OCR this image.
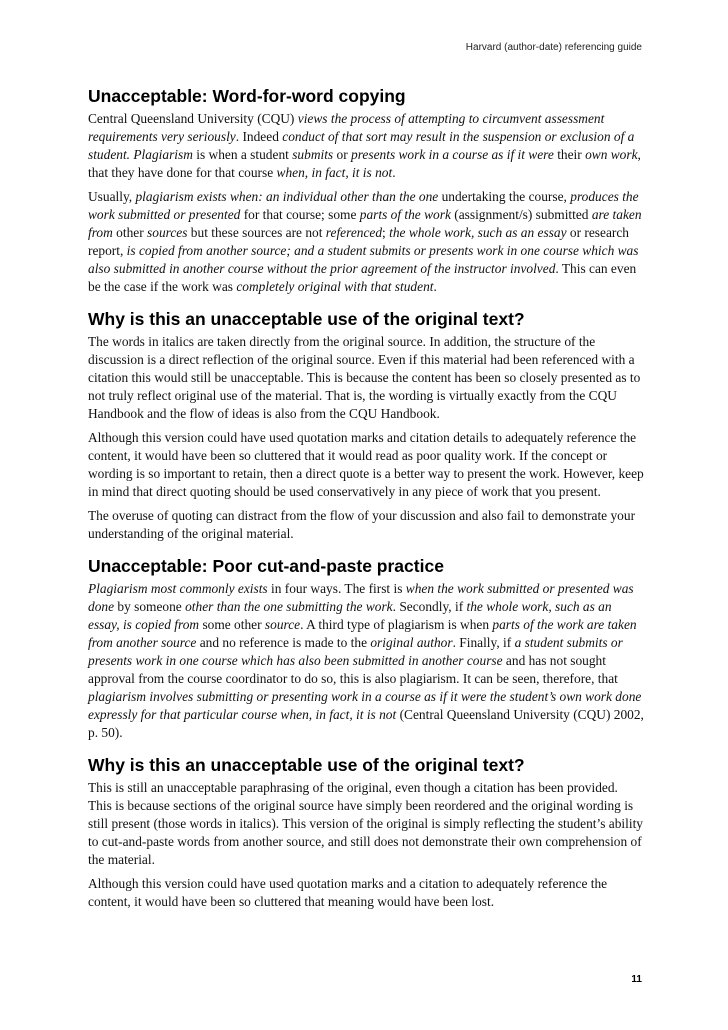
Harvard (author-date) referencing guide
Unacceptable: Word-for-word copying

Central Queensland University (CQU) views the process of attempting to circumvent assessment requirements very seriously. Indeed conduct of that sort may result in the suspension or exclusion of a student. Plagiarism is when a student submits or presents work in a course as if it were their own work, that they have done for that course when, in fact, it is not.

Usually, plagiarism exists when: an individual other than the one undertaking the course, produces the work submitted or presented for that course; some parts of the work (assignment/s) submitted are taken from other sources but these sources are not referenced; the whole work, such as an essay or research report, is copied from another source; and a student submits or presents work in one course which was also submitted in another course without the prior agreement of the instructor involved. This can even be the case if the work was completely original with that student.

Why is this an unacceptable use of the original text?

The words in italics are taken directly from the original source. In addition, the structure of the discussion is a direct reflection of the original source. Even if this material had been referenced with a citation this would still be unacceptable. This is because the content has been so closely presented as to not truly reflect original use of the material. That is, the wording is virtually exactly from the CQU Handbook and the flow of ideas is also from the CQU Handbook.

Although this version could have used quotation marks and citation details to adequately reference the content, it would have been so cluttered that it would read as poor quality work. If the concept or wording is so important to retain, then a direct quote is a better way to present the work. However, keep in mind that direct quoting should be used conservatively in any piece of work that you present.

The overuse of quoting can distract from the flow of your discussion and also fail to demonstrate your understanding of the original material.

Unacceptable: Poor cut-and-paste practice

Plagiarism most commonly exists in four ways. The first is when the work submitted or presented was done by someone other than the one submitting the work. Secondly, if the whole work, such as an essay, is copied from some other source. A third type of plagiarism is when parts of the work are taken from another source and no reference is made to the original author. Finally, if a student submits or presents work in one course which has also been submitted in another course and has not sought approval from the course coordinator to do so, this is also plagiarism. It can be seen, therefore, that plagiarism involves submitting or presenting work in a course as if it were the student’s own work done expressly for that particular course when, in fact, it is not (Central Queensland University (CQU) 2002, p. 50).

Why is this an unacceptable use of the original text?

This is still an unacceptable paraphrasing of the original, even though a citation has been provided. This is because sections of the original source have simply been reordered and the original wording is still present (those words in italics). This version of the original is simply reflecting the student’s ability to cut-and-paste words from another source, and still does not demonstrate their own comprehension of the material.

Although this version could have used quotation marks and a citation to adequately reference the content, it would have been so cluttered that meaning would have been lost.

11
